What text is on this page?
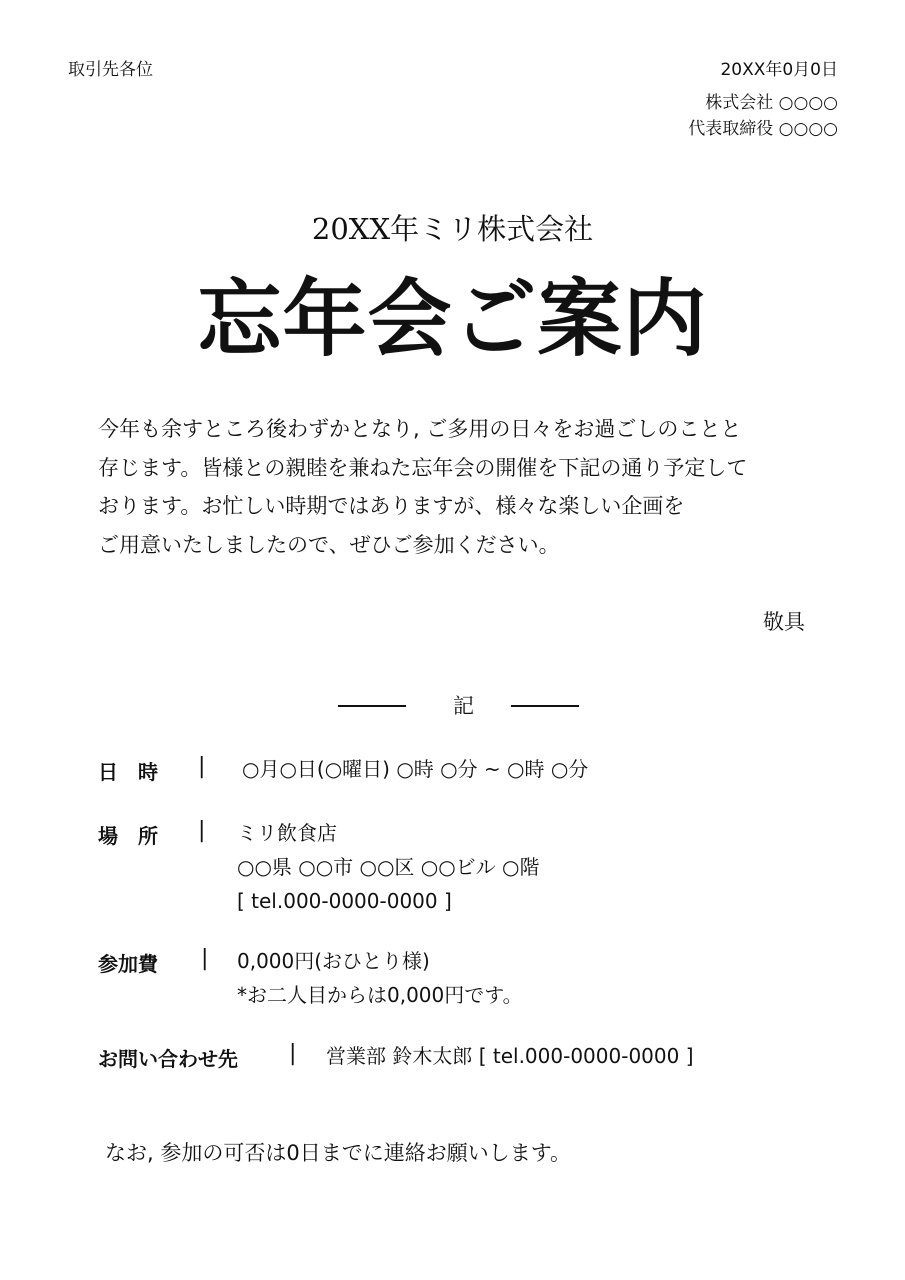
取引先各位	20XX年0月0日
株式会社 ○○○○
代表取締役 ○○○○
20XX年ミリ株式会社
忘年会ご案内
今年も余すところ後わずかとなり, ご多用の日々をお過ごしのことと
存じます。皆様との親睦を兼ねた忘年会の開催を下記の通り予定して
おります。お忙しい時期ではありますが、様々な楽しい企画を
ご用意いたしましたので、ぜひご参加ください。
敬具
記
日　時 | ○月○日(○曜日) ○時 ○分 ~ ○時 ○分
場　所 | ミリ飲食店
○○県 ○○市 ○○区 ○○ビル ○階
[ tel.000-0000-0000 ]
参加費 | 0,000円(おひとり様)
*お二人目からは0,000円です。
お問い合わせ先 | 営業部 鈴木太郎 [ tel.000-0000-0000 ]
なお, 参加の可否は0日までに連絡お願いします。
